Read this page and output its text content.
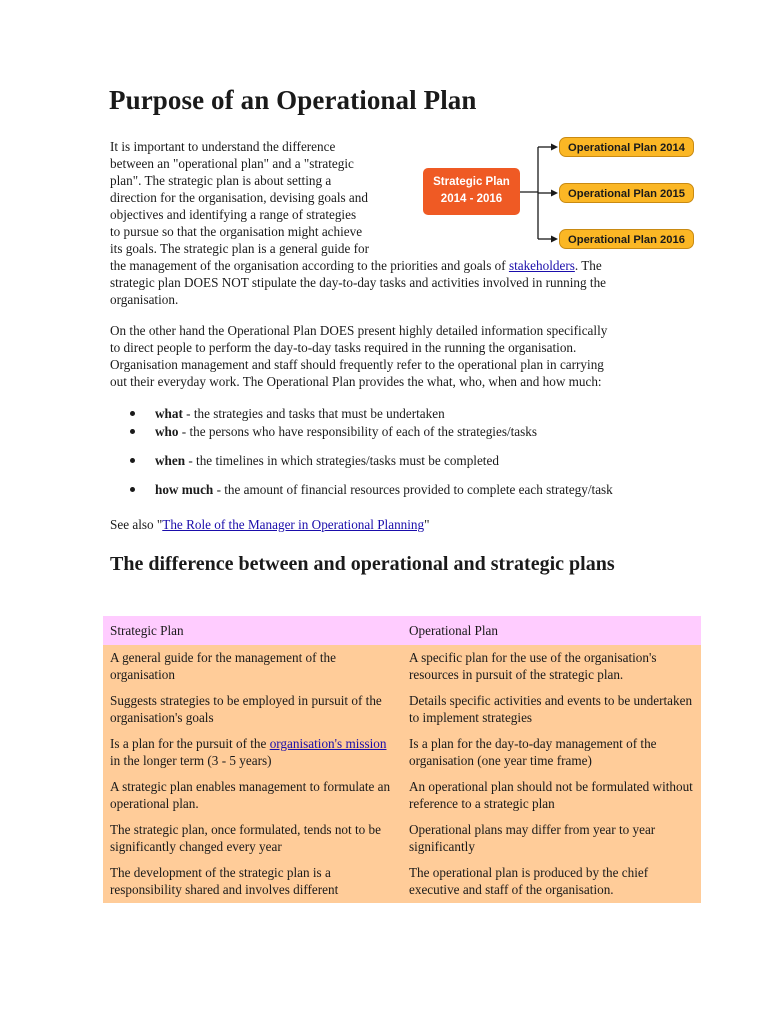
Purpose of an Operational Plan
It is important to understand the difference
between an "operational plan" and a "strategic
plan". The strategic plan is about setting a
direction for the organisation, devising goals and
objectives and identifying a range of strategies
to pursue so that the organisation might achieve
its goals. The strategic plan is a general guide for
the management of the organisation according to the priorities and goals of stakeholders. The
strategic plan DOES NOT stipulate the day-to-day tasks and activities involved in running the
organisation.
Strategic Plan
2014 - 2016
Operational Plan 2014
Operational Plan 2015
Operational Plan 2016
On the other hand the Operational Plan DOES present highly detailed information specifically
to direct people to perform the day-to-day tasks required in the running the organisation.
Organisation management and staff should frequently refer to the operational plan in carrying
out their everyday work. The Operational Plan provides the what, who, when and how much:
what - the strategies and tasks that must be undertaken
who - the persons who have responsibility of each of the strategies/tasks
when - the timelines in which strategies/tasks must be completed
how much - the amount of financial resources provided to complete each strategy/task
See also "The Role of the Manager in Operational Planning"
The difference between and operational and strategic plans
Strategic Plan	Operational Plan
A general guide for the management of the organisation	A specific plan for the use of the organisation's resources in pursuit of the strategic plan.
Suggests strategies to be employed in pursuit of the organisation's goals	Details specific activities and events to be undertaken to implement strategies
Is a plan for the pursuit of the organisation's mission in the longer term (3 - 5 years)	Is a plan for the day-to-day management of the organisation (one year time frame)
A strategic plan enables management to formulate an operational plan.	An operational plan should not be formulated without reference to a strategic plan
The strategic plan, once formulated, tends not to be significantly changed every year	Operational plans may differ from year to year significantly
The development of the strategic plan is a responsibility shared and involves different	The operational plan is produced by the chief executive and staff of the organisation.
